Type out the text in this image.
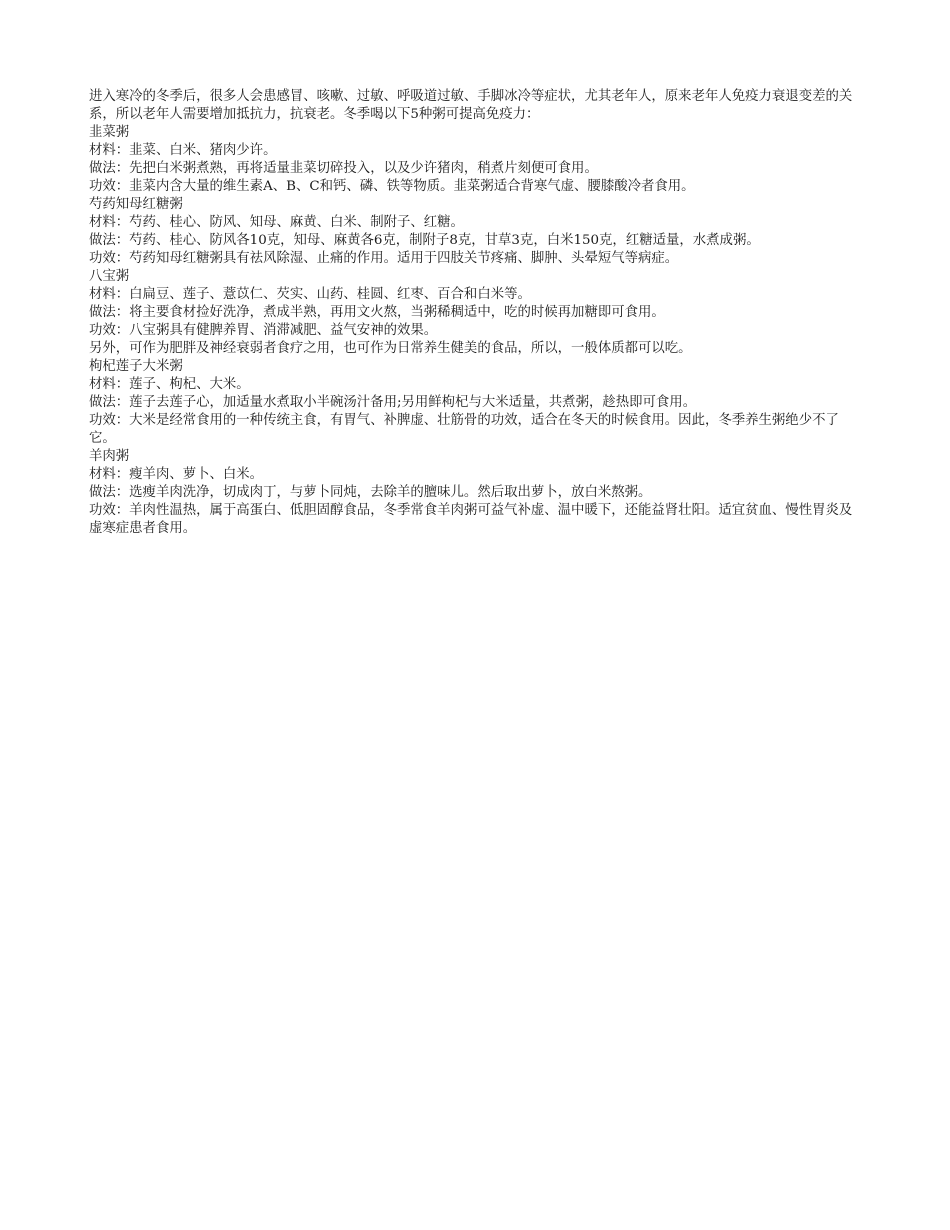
进入寒冷的冬季后，很多人会患感冒、咳嗽、过敏、呼吸道过敏、手脚冰冷等症状，尤其老年人，原来老年人免疫力衰退变差的关系，所以老年人需要增加抵抗力，抗衰老。冬季喝以下5种粥可提高免疫力：

韭菜粥

材料：韭菜、白米、猪肉少许。

做法：先把白米粥煮熟，再将适量韭菜切碎投入，以及少许猪肉，稍煮片刻便可食用。

功效：韭菜内含大量的维生素A、B、C和钙、磷、铁等物质。韭菜粥适合背寒气虚、腰膝酸冷者食用。

芍药知母红糖粥

材料：芍药、桂心、防风、知母、麻黄、白米、制附子、红糖。

做法：芍药、桂心、防风各10克，知母、麻黄各6克，制附子8克，甘草3克，白米150克，红糖适量，水煮成粥。

功效：芍药知母红糖粥具有祛风除湿、止痛的作用。适用于四肢关节疼痛、脚肿、头晕短气等病症。

八宝粥

材料：白扁豆、莲子、薏苡仁、芡实、山药、桂圆、红枣、百合和白米等。

做法：将主要食材捡好洗净，煮成半熟，再用文火熬，当粥稀稠适中，吃的时候再加糖即可食用。

功效：八宝粥具有健脾养胃、消滞减肥、益气安神的效果。

另外，可作为肥胖及神经衰弱者食疗之用，也可作为日常养生健美的食品，所以，一般体质都可以吃。

枸杞莲子大米粥

材料：莲子、枸杞、大米。

做法：莲子去莲子心，加适量水煮取小半碗汤汁备用;另用鲜枸杞与大米适量，共煮粥，趁热即可食用。

功效：大米是经常食用的一种传统主食，有胃气、补脾虚、壮筋骨的功效，适合在冬天的时候食用。因此，冬季养生粥绝少不了它。

羊肉粥

材料：瘦羊肉、萝卜、白米。

做法：选瘦羊肉洗净，切成肉丁，与萝卜同炖，去除羊的膻味儿。然后取出萝卜，放白米熬粥。

功效：羊肉性温热，属于高蛋白、低胆固醇食品，冬季常食羊肉粥可益气补虚、温中暖下，还能益肾壮阳。适宜贫血、慢性胃炎及虚寒症患者食用。
